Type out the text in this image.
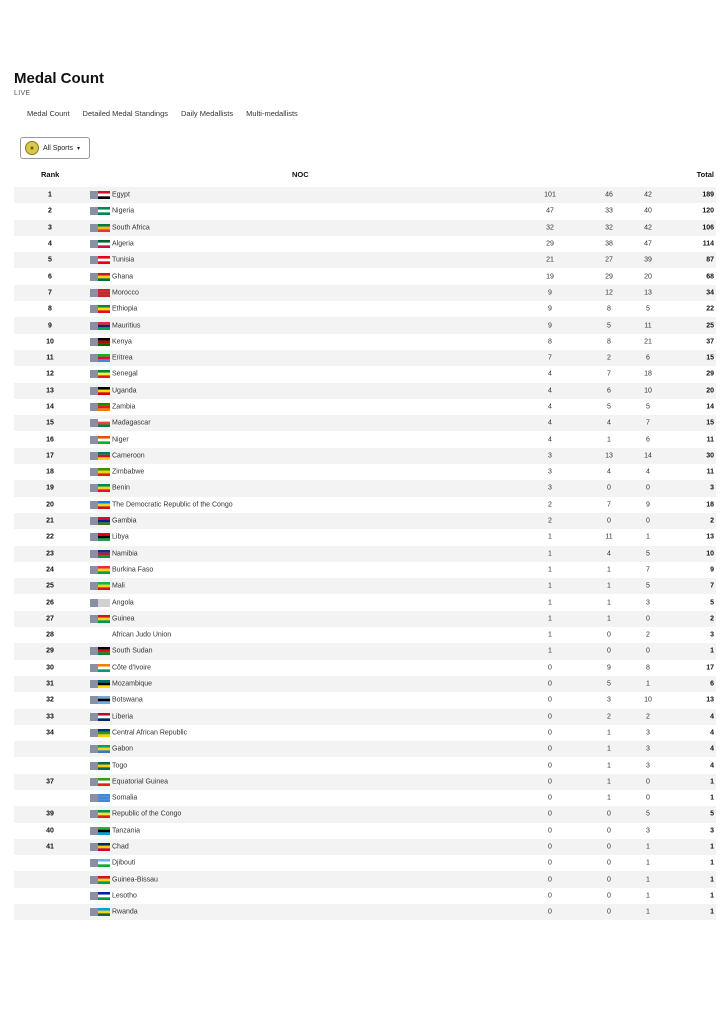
Medal Count
LIVE
Medal Count Detailed Medal Standings Daily Medallists Multi-medallists
●	All Sports ▾
Rank	NOC	Total
1	Egypt	101	46	42	189
2	Nigeria	47	33	40	120
3	South Africa	32	32	42	106
4	Algeria	29	38	47	114
5	Tunisia	21	27	39	87
6	Ghana	19	29	20	68
7	Morocco	9	12	13	34
8	Ethiopia	9	8	5	22
9	Mauritius	9	5	11	25
10	Kenya	8	8	21	37
11	Eritrea	7	2	6	15
12	Senegal	4	7	18	29
13	Uganda	4	6	10	20
14	Zambia	4	5	5	14
15	Madagascar	4	4	7	15
16	Niger	4	1	6	11
17	Cameroon	3	13	14	30
18	Zimbabwe	3	4	4	11
19	Benin	3	0	0	3
20	The Democratic Republic of the Congo	2	7	9	18
21	Gambia	2	0	0	2
22	Libya	1	11	1	13
23	Namibia	1	4	5	10
24	Burkina Faso	1	1	7	9
25	Mali	1	1	5	7
26	Angola	1	1	3	5
27	Guinea	1	1	0	2
28	African Judo Union	1	0	2	3
29	South Sudan	1	0	0	1
30	Côte d'Ivoire	0	9	8	17
31	Mozambique	0	5	1	6
32	Botswana	0	3	10	13
33	Liberia	0	2	2	4
34	Central African Republic	0	1	3	4
Gabon	0	1	3	4
Togo	0	1	3	4
37	Equatorial Guinea	0	1	0	1
Somalia	0	1	0	1
39	Republic of the Congo	0	0	5	5
40	Tanzania	0	0	3	3
41	Chad	0	0	1	1
Djibouti	0	0	1	1
Guinea-Bissau	0	0	1	1
Lesotho	0	0	1	1
Rwanda	0	0	1	1
